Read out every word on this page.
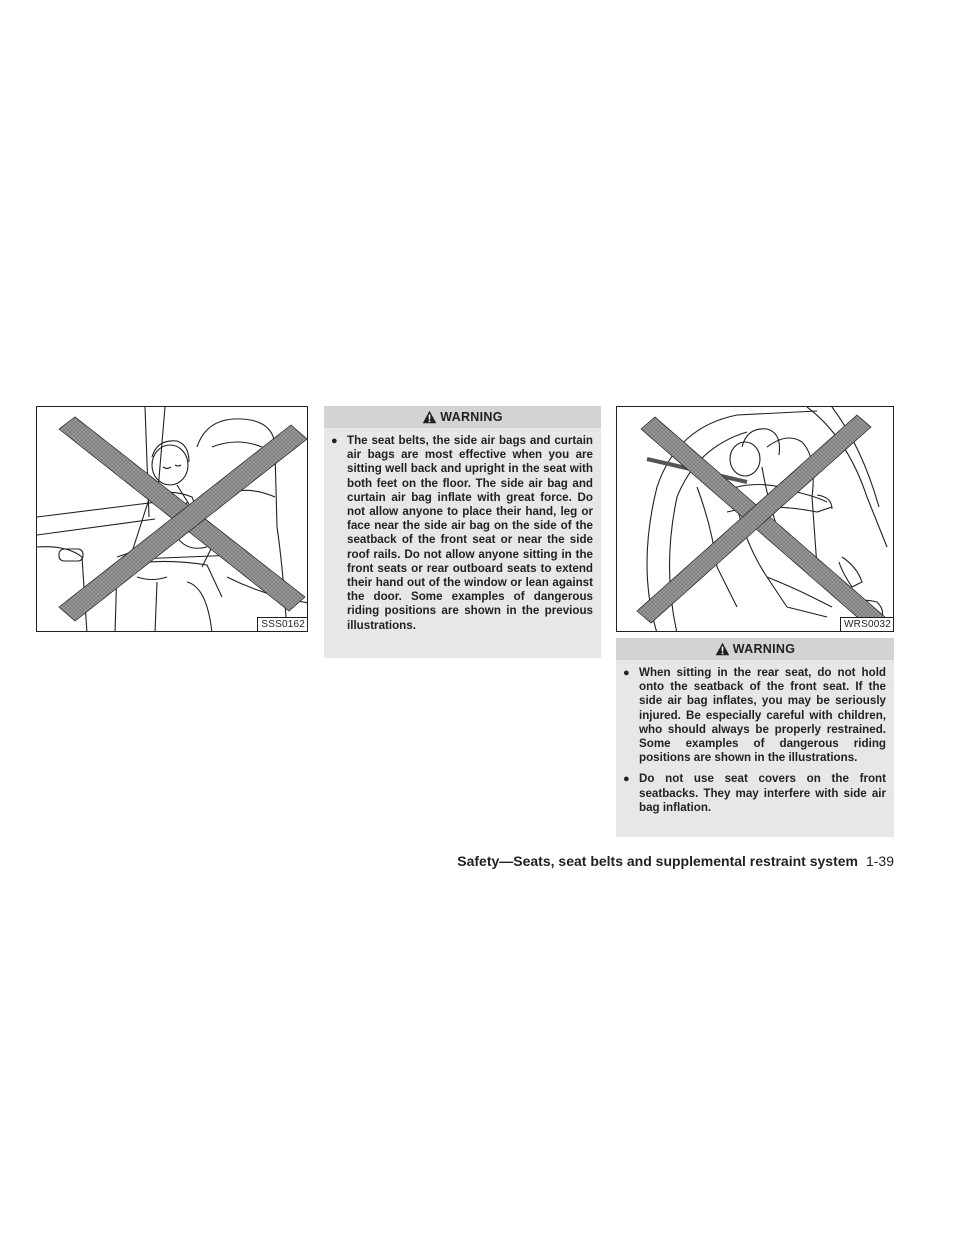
SSS0162
WARNING
● The seat belts, the side air bags and curtain air bags are most effective when you are sitting well back and upright in the seat with both feet on the floor. The side air bag and curtain air bag inflate with great force. Do not allow anyone to place their hand, leg or face near the side air bag on the side of the seatback of the front seat or near the side roof rails. Do not allow anyone sitting in the front seats or rear outboard seats to extend their hand out of the window or lean against the door. Some examples of dangerous riding positions are shown in the previous illustrations.	WRS0032
WARNING
● When sitting in the rear seat, do not hold onto the seatback of the front seat. If the side air bag inflates, you may be seriously injured. Be especially careful with children, who should always be properly restrained. Some examples of dangerous riding positions are shown in the illustrations.
● Do not use seat covers on the front seatbacks. They may interfere with side air bag inflation.
Safety—Seats, seat belts and supplemental restraint system 1-39
